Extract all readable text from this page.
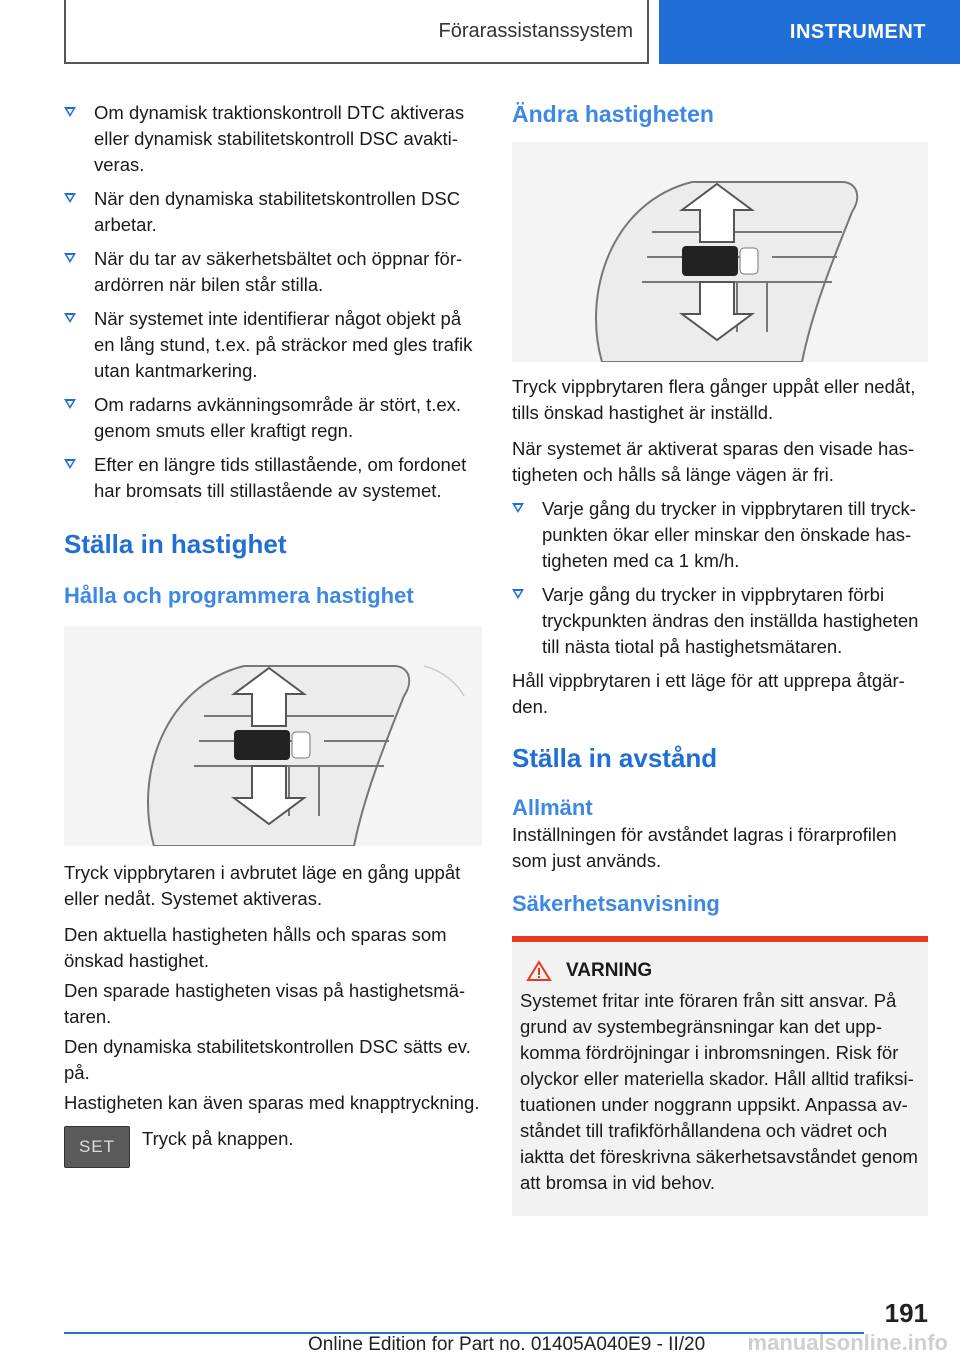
Förarassistanssystem	INSTRUMENT
Om dynamisk traktionskontroll DTC aktiveras eller dynamisk stabilitetskontroll DSC avaktiveras.
När den dynamiska stabilitetskontrollen DSC arbetar.
När du tar av säkerhetsbältet och öppnar förardörren när bilen står stilla.
När systemet inte identifierar något objekt på en lång stund, t.ex. på sträckor med gles trafik utan kantmarkering.
Om radarns avkänningsområde är stört, t.ex. genom smuts eller kraftigt regn.
Efter en längre tids stillastående, om fordonet har bromsats till stillastående av systemet.
Ställa in hastighet
Hålla och programmera hastighet

Tryck vippbrytaren i avbrutet läge en gång uppåt eller nedåt. Systemet aktiveras.

Den aktuella hastigheten hålls och sparas som önskad hastighet.

Den sparade hastigheten visas på hastighetsmätaren.

Den dynamiska stabilitetskontrollen DSC sätts ev. på.

Hastigheten kan även sparas med knapptryckning.

SET Tryck på knappen.

Ändra hastigheten

Tryck vippbrytaren flera gånger uppåt eller nedåt, tills önskad hastighet är inställd.

När systemet är aktiverat sparas den visade hastigheten och hålls så länge vägen är fri.

Varje gång du trycker in vippbrytaren till tryckpunkten ökar eller minskar den önskade hastigheten med ca 1 km/h.
Varje gång du trycker in vippbrytaren förbi tryckpunkten ändras den inställda hastigheten till nästa tiotal på hastighetsmätaren.

Håll vippbrytaren i ett läge för att upprepa åtgärden.

Ställa in avstånd
Allmänt

Inställningen för avståndet lagras i förarprofilen som just används.

Säkerhetsanvisning
VARNING

Systemet fritar inte föraren från sitt ansvar. På grund av systembegränsningar kan det uppkomma fördröjningar i inbromsningen. Risk för olyckor eller materiella skador. Håll alltid trafiksituationen under noggrann uppsikt. Anpassa avståndet till trafikförhållandena och vädret och iaktta det föreskrivna säkerhetsavståndet genom att bromsa in vid behov.

191
Online Edition for Part no. 01405A040E9 - II/20 manualsonline.info
